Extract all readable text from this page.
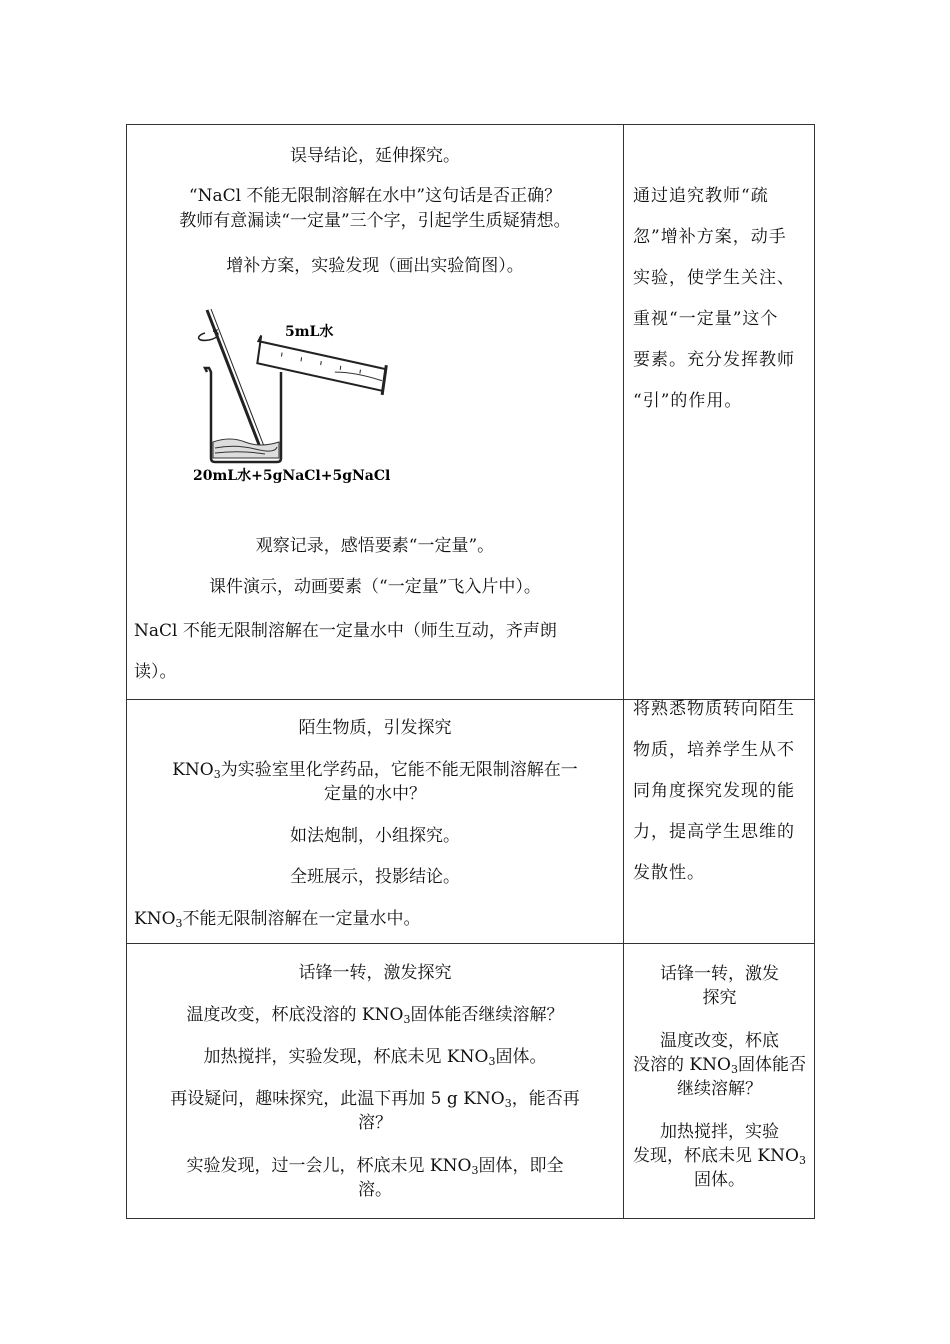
误导结论，延伸探究。
“NaCl 不能无限制溶解在水中”这句话是否正确？
教师有意漏读“一定量”三个字，引起学生质疑猜想。
增补方案，实验发现（画出实验简图）。
5mL水
20mL水+5gNaCl+5gNaCl
观察记录，感悟要素“一定量”。
课件演示，动画要素（“一定量”飞入片中）。
NaCl 不能无限制溶解在一定量水中（师生互动，齐声朗
读）。
通过追究教师“疏
忽”增补方案，动手
实验，使学生关注、
重视“一定量”这个
要素。充分发挥教师
“引”的作用。
陌生物质，引发探究
$KNO_3$为实验室里化学药品，它能不能无限制溶解在一
定量的水中？
如法炮制，小组探究。
全班展示，投影结论。
$KNO_3$不能无限制溶解在一定量水中。
将熟悉物质转向陌生
物质，培养学生从不
同角度探究发现的能
力，提高学生思维的
发散性。
话锋一转，激发探究
温度改变，杯底没溶的 $KNO_3$固体能否继续溶解？
加热搅拌，实验发现，杯底未见 $KNO_3$固体。
再设疑问，趣味探究，此温下再加 5 g $KNO_3$，能否再
溶？
实验发现，过一会儿，杯底未见 $KNO_3$固体，即全
溶。
话锋一转，激发
探究
温度改变，杯底
没溶的 $KNO_3$固体能否
继续溶解？
加热搅拌，实验
发现，杯底未见 $KNO_3$
固体。
